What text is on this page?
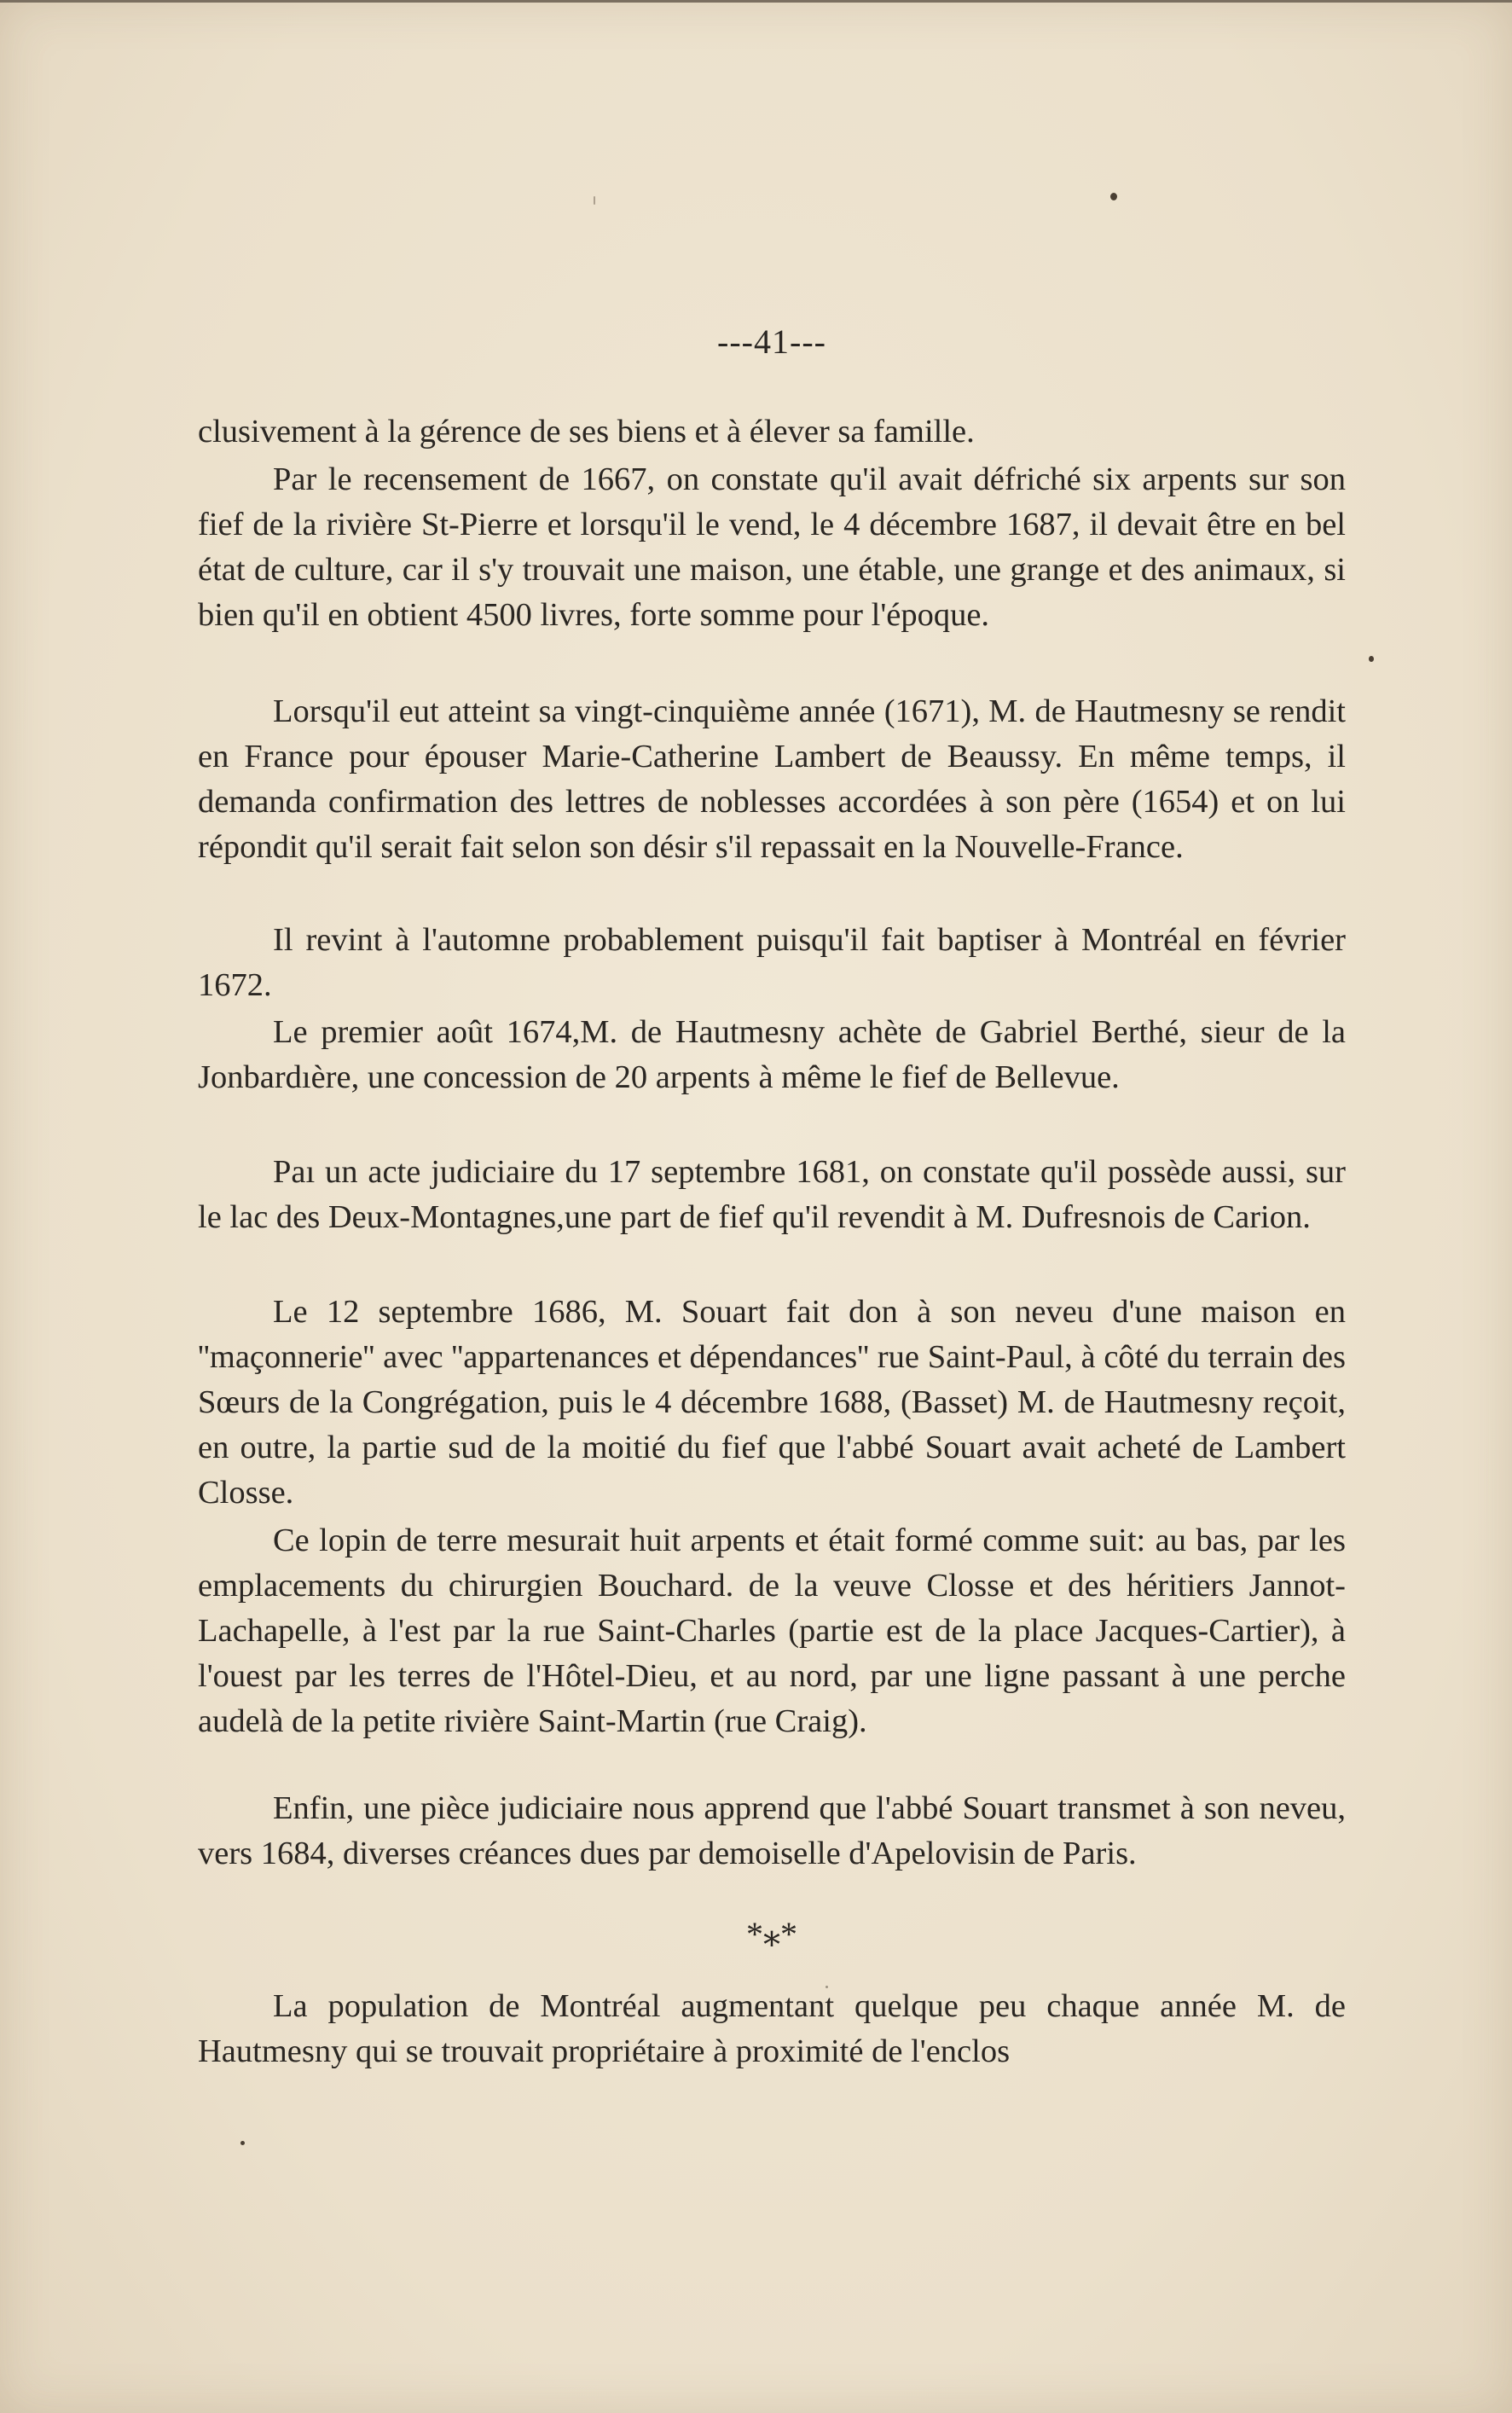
---41---

clusivement à la gérence de ses biens et à élever sa famille.

Par le recensement de 1667, on constate qu'il avait défriché six arpents sur son fief de la rivière St-Pierre et lorsqu'il le vend, le 4 décembre 1687, il devait être en bel état de culture, car il s'y trouvait une maison, une étable, une grange et des animaux, si bien qu'il en obtient 4500 livres, forte somme pour l'époque.

Lorsqu'il eut atteint sa vingt-cinquième année (1671), M. de Hautmesny se rendit en France pour épouser Marie-Catherine Lambert de Beaussy. En même temps, il demanda confirmation des lettres de noblesses accordées à son père (1654) et on lui répondit qu'il serait fait selon son désir s'il repassait en la Nouvelle-France.

Il revint à l'automne probablement puisqu'il fait baptiser à Montréal en février 1672.

Le premier août 1674,M. de Hautmesny achète de Gabriel Berthé, sieur de la Jonbardıère, une concession de 20 arpents à même le fief de Bellevue.

Paı un acte judiciaire du 17 septembre 1681, on constate qu'il possède aussi, sur le lac des Deux-Montagnes,une part de fief qu'il revendit à M. Dufresnois de Carion.

Le 12 septembre 1686, M. Souart fait don à son neveu d'une maison en ''maçonnerie'' avec ''appartenances et dépendances'' rue Saint-Paul, à côté du terrain des Sœurs de la Congrégation, puis le 4 décembre 1688, (Basset) M. de Hautmesny reçoit, en outre, la partie sud de la moitié du fief que l'abbé Souart avait acheté de Lambert Closse.

Ce lopin de terre mesurait huit arpents et était formé comme suit: au bas, par les emplacements du chirurgien Bouchard. de la veuve Closse et des héritiers Jannot-Lachapelle, à l'est par la rue Saint-Charles (partie est de la place Jacques-Cartier), à l'ouest par les terres de l'Hôtel-Dieu, et au nord, par une ligne passant à une perche audelà de la petite rivière Saint-Martin (rue Craig).

Enfin, une pièce judiciaire nous apprend que l'abbé Souart transmet à son neveu, vers 1684, diverses créances dues par demoiselle d'Apelovisin de Paris.

*⁎*

La population de Montréal augmentant quelque peu chaque année M. de Hautmesny qui se trouvait propriétaire à proximité de l'enclos
